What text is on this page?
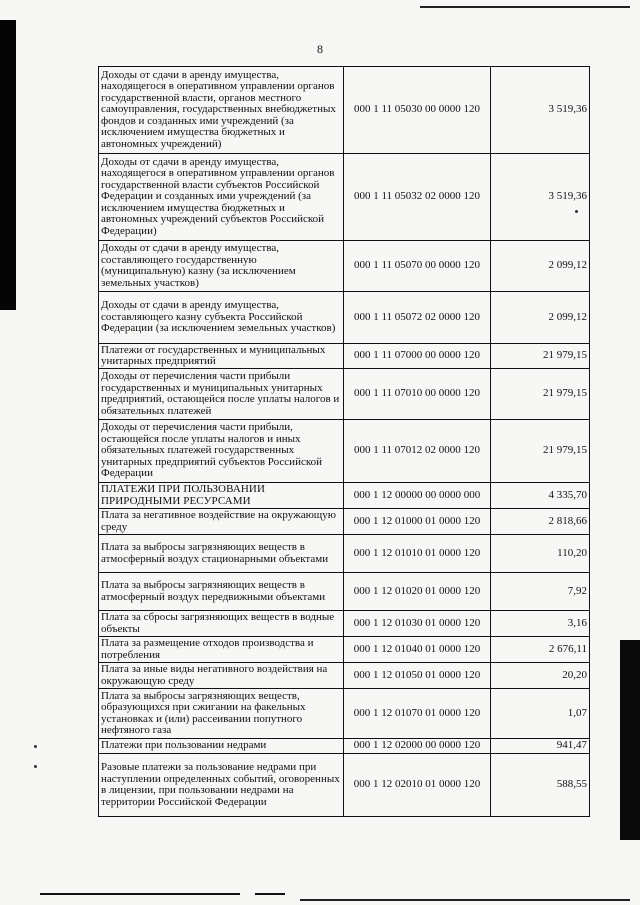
8
Доходы от сдачи в аренду имущества, находящегося в оперативном управлении органов государственной власти, органов местного самоуправления, государственных внебюджетных фондов и созданных ими учреждений (за исключением имущества бюджетных и автономных учреждений)	000 1 11 05030 00 0000 120	3 519,36
Доходы от сдачи в аренду имущества, находящегося в оперативном управлении органов государственной власти субъектов Российской Федерации и созданных ими учреждений (за исключением имущества бюджетных и автономных учреждений субъектов Российской Федерации)	000 1 11 05032 02 0000 120	3 519,36
Доходы от сдачи в аренду имущества, составляющего государственную (муниципальную) казну (за исключением земельных участков)	000 1 11 05070 00 0000 120	2 099,12
Доходы от сдачи в аренду имущества, составляющего казну субъекта Российской Федерации (за исключением земельных участков)	000 1 11 05072 02 0000 120	2 099,12
Платежи от государственных и муниципальных унитарных предприятий	000 1 11 07000 00 0000 120	21 979,15
Доходы от перечисления части прибыли государственных и муниципальных унитарных предприятий, остающейся после уплаты налогов и обязательных платежей	000 1 11 07010 00 0000 120	21 979,15
Доходы от перечисления части прибыли, остающейся после уплаты налогов и иных обязательных платежей государственных унитарных предприятий субъектов Российской Федерации	000 1 11 07012 02 0000 120	21 979,15
ПЛАТЕЖИ ПРИ ПОЛЬЗОВАНИИ ПРИРОДНЫМИ РЕСУРСАМИ	000 1 12 00000 00 0000 000	4 335,70
Плата за негативное воздействие на окружающую среду	000 1 12 01000 01 0000 120	2 818,66
Плата за выбросы загрязняющих веществ в атмосферный воздух стационарными объектами	000 1 12 01010 01 0000 120	110,20
Плата за выбросы загрязняющих веществ в атмосферный воздух передвижными объектами	000 1 12 01020 01 0000 120	7,92
Плата за сбросы загрязняющих веществ в водные объекты	000 1 12 01030 01 0000 120	3,16
Плата за размещение отходов производства и потребления	000 1 12 01040 01 0000 120	2 676,11
Плата за иные виды негативного воздействия на окружающую среду	000 1 12 01050 01 0000 120	20,20
Плата за выбросы загрязняющих веществ, образующихся при сжигании на факельных установках и (или) рассеивании попутного нефтяного газа	000 1 12 01070 01 0000 120	1,07
Платежи при пользовании недрами	000 1 12 02000 00 0000 120	941,47
Разовые платежи за пользование недрами при наступлении определенных событий, оговоренных в лицензии, при пользовании недрами на территории Российской Федерации	000 1 12 02010 01 0000 120	588,55
